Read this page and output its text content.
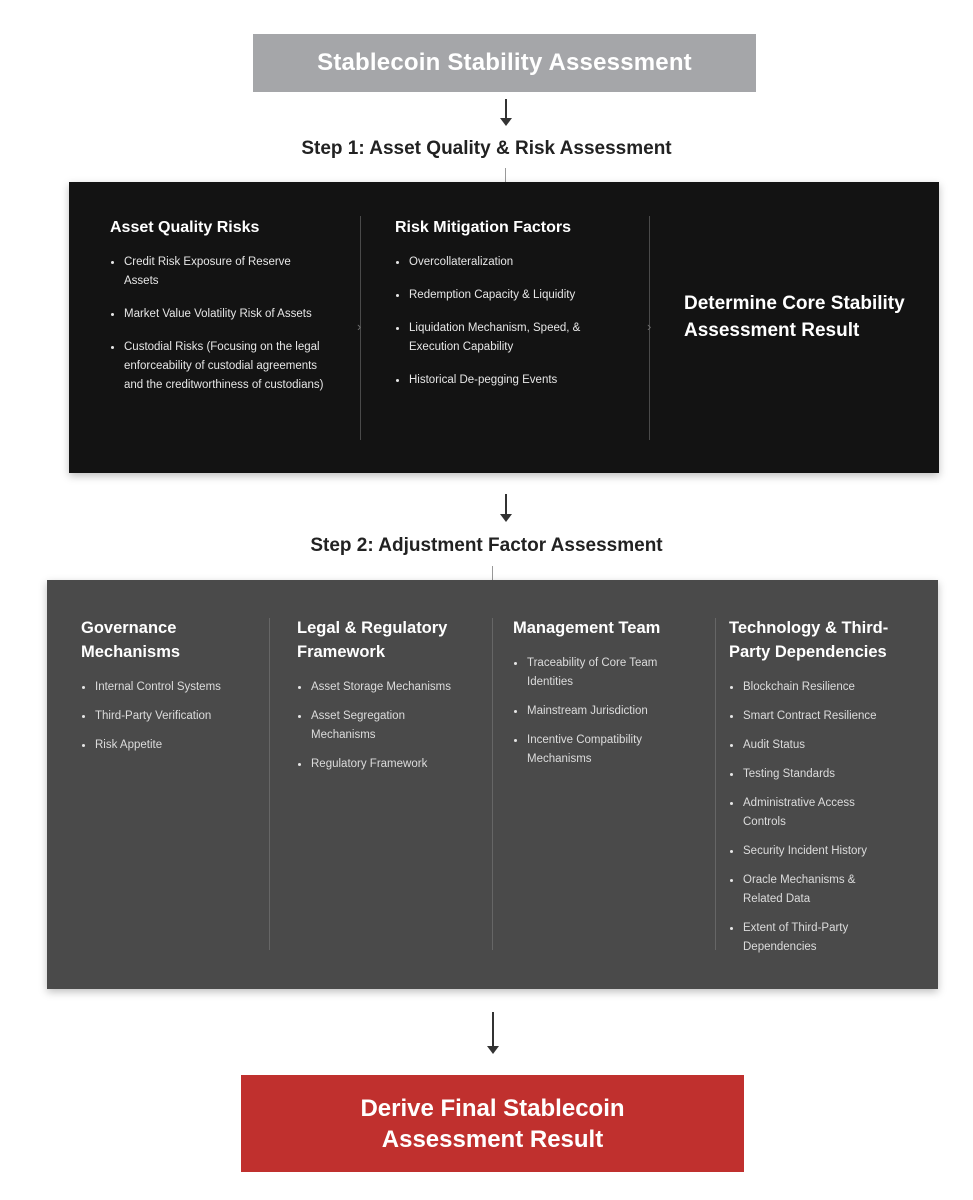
Stablecoin Stability Assessment
Step 1: Asset Quality & Risk Assessment
Asset Quality Risks
Credit Risk Exposure of Reserve Assets
Market Value Volatility Risk of Assets
Custodial Risks (Focusing on the legal enforceability of custodial agreements and the creditworthiness of custodians)
›
Risk Mitigation Factors
Overcollateralization
Redemption Capacity & Liquidity
Liquidation Mechanism, Speed, & Execution Capability
Historical De-pegging Events
›
Determine Core Stability Assessment Result
Step 2: Adjustment Factor Assessment
Governance Mechanisms
Internal Control Systems
Third-Party Verification
Risk Appetite
Legal & Regulatory Framework
Asset Storage Mechanisms
Asset Segregation Mechanisms
Regulatory Framework
Management Team
Traceability of Core Team Identities
Mainstream Jurisdiction
Incentive Compatibility Mechanisms
Technology & Third-Party Dependencies
Blockchain Resilience
Smart Contract Resilience
Audit Status
Testing Standards
Administrative Access Controls
Security Incident History
Oracle Mechanisms & Related Data
Extent of Third-Party Dependencies
Derive Final Stablecoin Assessment Result
